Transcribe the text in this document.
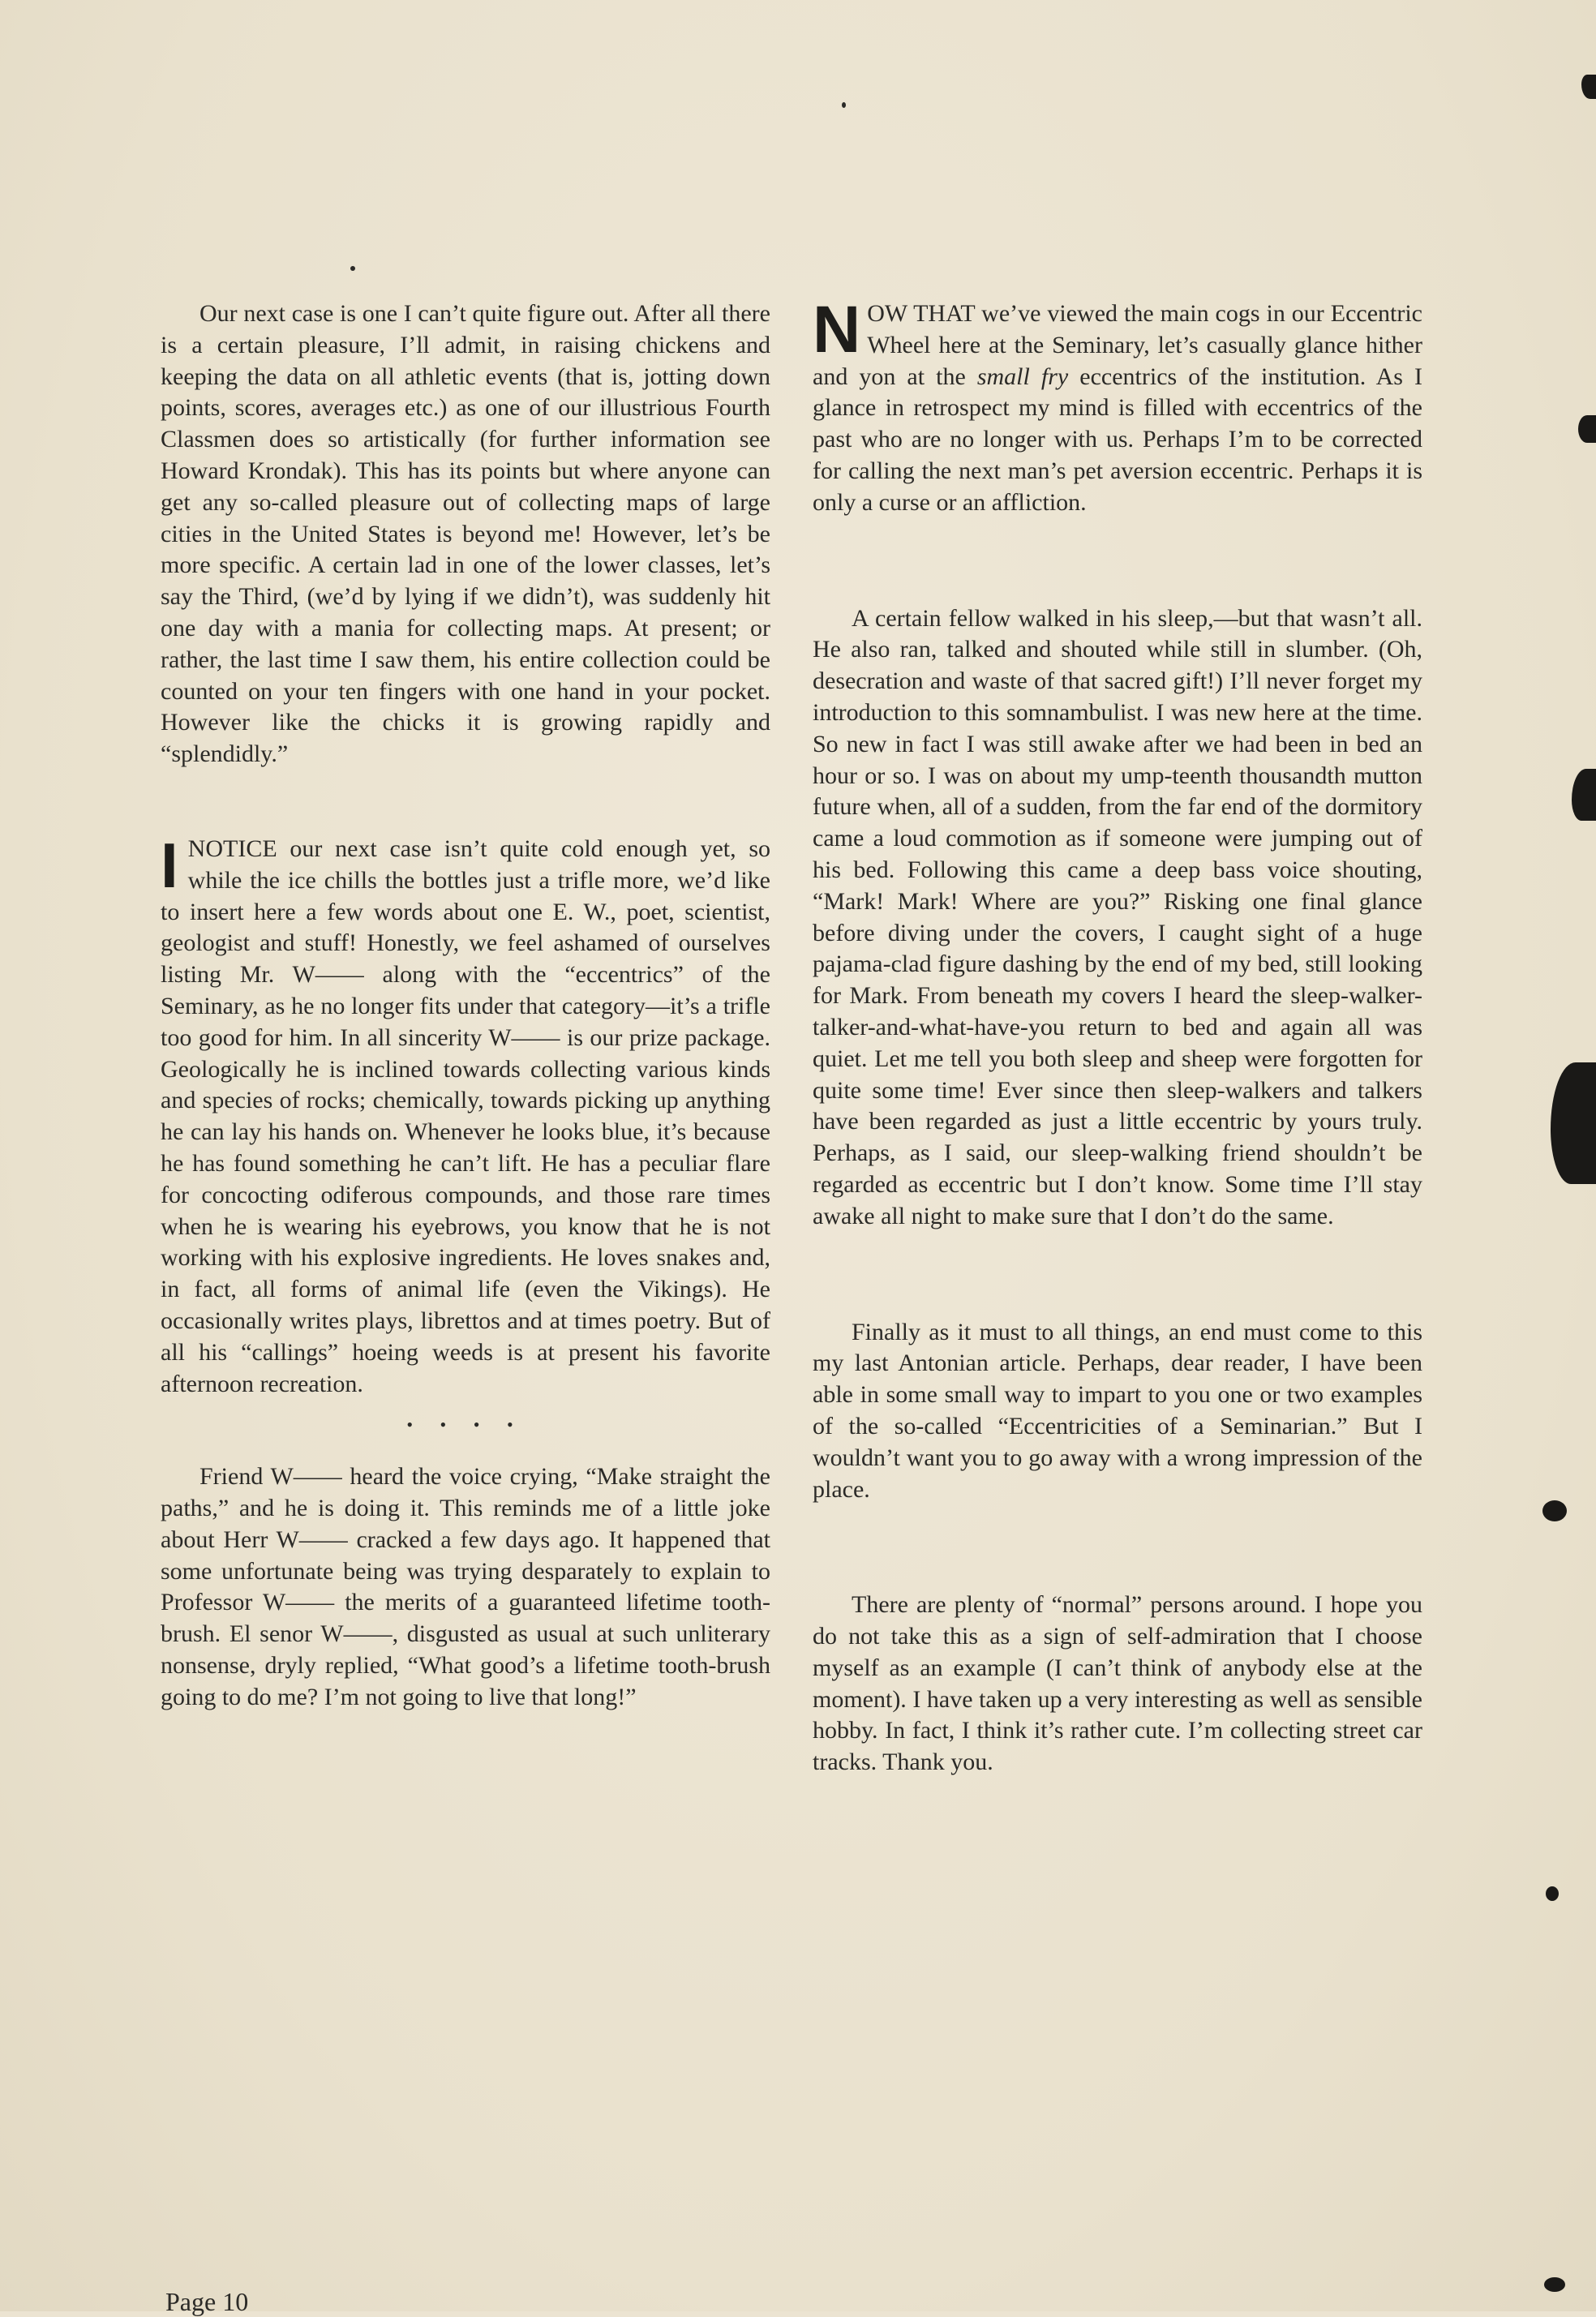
Our next case is one I can’t quite figure out. After all there is a certain pleasure, I’ll admit, in raising chickens and keeping the data on all athletic events (that is, jotting down points, scores, averages etc.) as one of our illustrious Fourth Classmen does so artistically (for further information see Howard Krondak). This has its points but where anyone can get any so-called pleasure out of collecting maps of large cities in the United States is beyond me! However, let’s be more specific. A certain lad in one of the lower classes, let’s say the Third, (we’d by lying if we didn’t), was suddenly hit one day with a mania for collecting maps. At present; or rather, the last time I saw them, his entire collection could be counted on your ten fingers with one hand in your pocket. However like the chicks it is growing rapidly and “splendidly.”

INOTICE our next case isn’t quite cold enough yet, so while the ice chills the bottles just a trifle more, we’d like to insert here a few words about one E. W., poet, scientist, geologist and stuff! Honestly, we feel ashamed of ourselves listing Mr. W—— along with the “eccentrics” of the Seminary, as he no longer fits under that category—it’s a trifle too good for him. In all sincerity W—— is our prize package. Geologically he is inclined towards collecting various kinds and species of rocks; chemically, towards picking up anything he can lay his hands on. Whenever he looks blue, it’s because he has found something he can’t lift. He has a peculiar flare for concocting odiferous compounds, and those rare times when he is wearing his eyebrows, you know that he is not working with his explosive ingredients. He loves snakes and, in fact, all forms of animal life (even the Vikings). He occasionally writes plays, librettos and at times poetry. But of all his “callings” hoeing weeds is at present his favorite afternoon recreation.

• • • •

Friend W—— heard the voice crying, “Make straight the paths,” and he is doing it. This reminds me of a little joke about Herr W—— cracked a few days ago. It happened that some unfortunate being was trying desparately to explain to Professor W—— the merits of a guaranteed lifetime tooth-brush. El senor W——, disgusted as usual at such unliterary nonsense, dryly replied, “What good’s a lifetime tooth-brush going to do me? I’m not going to live that long!”

NOW THAT we’ve viewed the main cogs in our Eccentric Wheel here at the Seminary, let’s casually glance hither and yon at the small fry eccentrics of the institution. As I glance in retrospect my mind is filled with eccentrics of the past who are no longer with us. Perhaps I’m to be corrected for calling the next man’s pet aversion eccentric. Perhaps it is only a curse or an affliction.

A certain fellow walked in his sleep,—but that wasn’t all. He also ran, talked and shouted while still in slumber. (Oh, desecration and waste of that sacred gift!) I’ll never forget my introduction to this somnambulist. I was new here at the time. So new in fact I was still awake after we had been in bed an hour or so. I was on about my ump-teenth thousandth mutton future when, all of a sudden, from the far end of the dormitory came a loud commotion as if someone were jumping out of his bed. Following this came a deep bass voice shouting, “Mark! Mark! Where are you?” Risking one final glance before diving under the covers, I caught sight of a huge pajama-clad figure dashing by the end of my bed, still looking for Mark. From beneath my covers I heard the sleep-walker-talker-and-what-have-you return to bed and again all was quiet. Let me tell you both sleep and sheep were forgotten for quite some time! Ever since then sleep-walkers and talkers have been regarded as just a little eccentric by yours truly. Perhaps, as I said, our sleep-walking friend shouldn’t be regarded as eccentric but I don’t know. Some time I’ll stay awake all night to make sure that I don’t do the same.

Finally as it must to all things, an end must come to this my last Antonian article. Perhaps, dear reader, I have been able in some small way to impart to you one or two examples of the so-called “Eccentricities of a Seminarian.” But I wouldn’t want you to go away with a wrong impression of the place.

There are plenty of “normal” persons around. I hope you do not take this as a sign of self-admiration that I choose myself as an example (I can’t think of anybody else at the moment). I have taken up a very interesting as well as sensible hobby. In fact, I think it’s rather cute. I’m collecting street car tracks. Thank you.

Page 10
